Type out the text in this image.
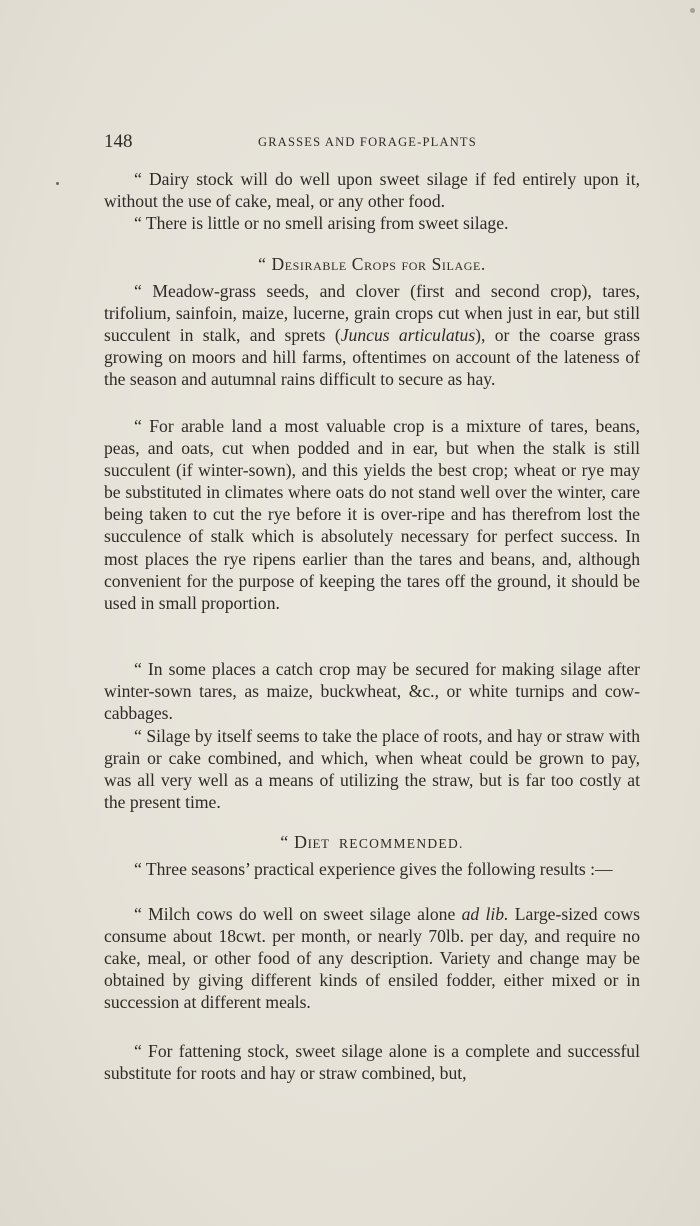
148	GRASSES AND FORAGE-PLANTS

“ Dairy stock will do well upon sweet silage if fed entirely upon it, without the use of cake, meal, or any other food.

“ There is little or no smell arising from sweet silage.

“ Desirable Crops for Silage.

“ Meadow-grass seeds, and clover (first and second crop), tares, trifolium, sainfoin, maize, lucerne, grain crops cut when just in ear, but still succulent in stalk, and sprets (Juncus articulatus), or the coarse grass growing on moors and hill farms, oftentimes on account of the lateness of the season and autumnal rains difficult to secure as hay.

“ For arable land a most valuable crop is a mixture of tares, beans, peas, and oats, cut when podded and in ear, but when the stalk is still succulent (if winter-sown), and this yields the best crop; wheat or rye may be substituted in climates where oats do not stand well over the winter, care being taken to cut the rye before it is over-ripe and has therefrom lost the succulence of stalk which is absolutely necessary for perfect success. In most places the rye ripens earlier than the tares and beans, and, although convenient for the purpose of keeping the tares off the ground, it should be used in small proportion.

“ In some places a catch crop may be secured for making silage after winter-sown tares, as maize, buckwheat, &c., or white turnips and cow-cabbages.

“ Silage by itself seems to take the place of roots, and hay or straw with grain or cake combined, and which, when wheat could be grown to pay, was all very well as a means of utilizing the straw, but is far too costly at the present time.

“ Diet RECOMMENDED.

“ Three seasons’ practical experience gives the following results :—

“ Milch cows do well on sweet silage alone ad lib. Large-sized cows consume about 18cwt. per month, or nearly 70lb. per day, and require no cake, meal, or other food of any description. Variety and change may be obtained by giving different kinds of ensiled fodder, either mixed or in succession at different meals.

“ For fattening stock, sweet silage alone is a complete and successful substitute for roots and hay or straw combined, but,
